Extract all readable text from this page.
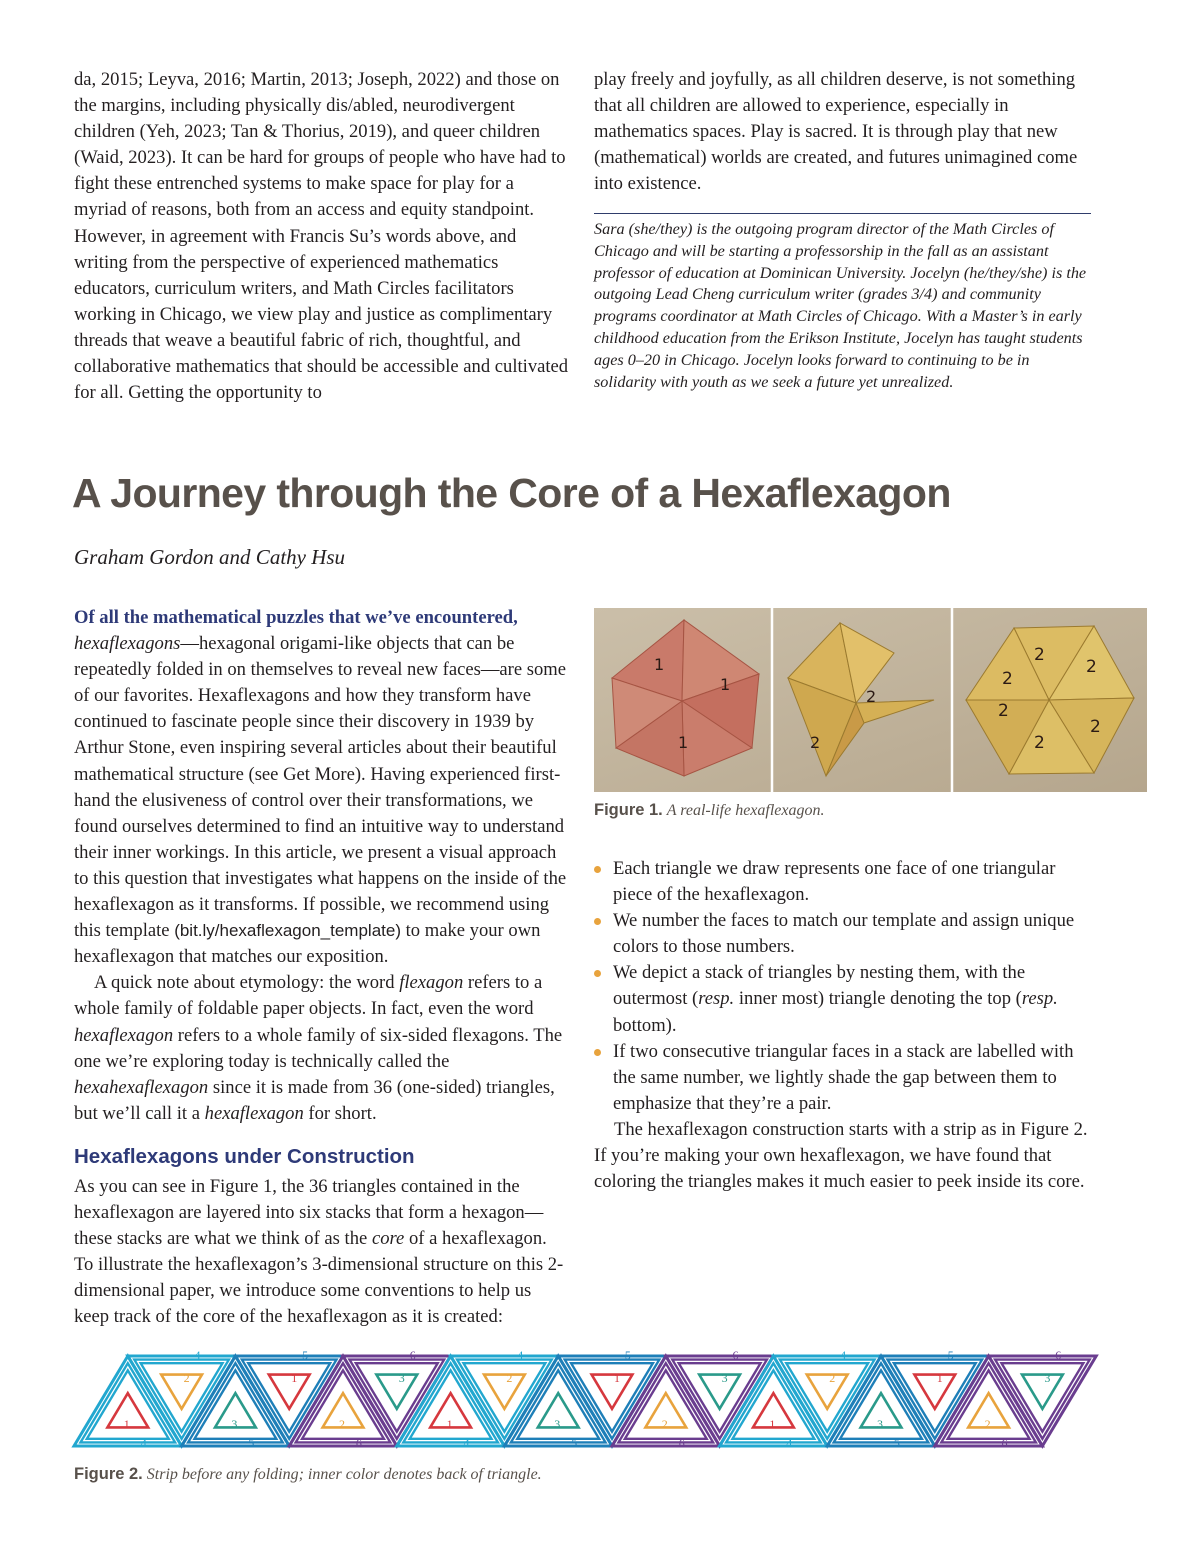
da, 2015; Leyva, 2016; Martin, 2013; Joseph, 2022) and those on the margins, including physically dis/abled, neurodivergent children (Yeh, 2023; Tan & Thorius, 2019), and queer children (Waid, 2023). It can be hard for groups of people who have had to fight these entrenched systems to make space for play for a myriad of reasons, both from an access and equity standpoint. However, in agreement with Francis Su’s words above, and writing from the perspective of experienced mathematics educators, curriculum writers, and Math Circles facilitators working in Chicago, we view play and justice as complimentary threads that weave a beautiful fabric of rich, thoughtful, and collaborative mathematics that should be accessible and cultivated for all. Getting the opportunity to

play freely and joyfully, as all children deserve, is not something that all children are allowed to experience, especially in mathematics spaces. Play is sacred. It is through play that new (mathematical) worlds are created, and futures unimagined come into existence.

Sara (she/they) is the outgoing program director of the Math Circles of Chicago and will be starting a professorship in the fall as an assistant professor of education at Dominican University. Jocelyn (he/they/she) is the outgoing Lead Cheng curriculum writer (grades 3/4) and community programs coordinator at Math Circles of Chicago. With a Master’s in early childhood education from the Erikson Institute, Jocelyn has taught students ages 0–20 in Chicago. Jocelyn looks forward to continuing to be in solidarity with youth as we seek a future yet unrealized.
A Journey through the Core of a Hexaflexagon
Graham Gordon and Cathy Hsu

Of all the mathematical puzzles that we’ve encountered, hexaflexagons—hexagonal origami-like objects that can be repeatedly folded in on themselves to reveal new faces—are some of our favorites. Hexaflexagons and how they transform have continued to fascinate people since their discovery in 1939 by Arthur Stone, even inspiring several articles about their beautiful mathematical structure (see Get More). Having experienced first-hand the elusiveness of control over their transformations, we found ourselves determined to find an intuitive way to understand their inner workings. In this article, we present a visual approach to this question that investigates what happens on the inside of the hexaflexagon as it transforms. If possible, we recommend using this template (bit.ly/hexaflexagon_template) to make your own hexaflexagon that matches our exposition.

A quick note about etymology: the word flexagon refers to a whole family of foldable paper objects. In fact, even the word hexaflexagon refers to a whole family of six-sided flexagons. The one we’re exploring today is technically called the hexahexaflexagon since it is made from 36 (one-sided) triangles, but we’ll call it a hexaflexagon for short.

Hexaflexagons under Construction

As you can see in Figure 1, the 36 triangles contained in the hexaflexagon are layered into six stacks that form a hexagon—these stacks are what we think of as the core of a hexaflexagon. To illustrate the hexaflexagon’s 3-dimensional structure on this 2-dimensional paper, we introduce some conventions to help us keep track of the core of the hexaflexagon as it is created:

1
1
1	2
2
2
2
2
2
2
2
Figure 1. A real-life hexaflexagon.
Each triangle we draw represents one face of one triangular piece of the hexaflexagon.
We number the faces to match our template and assign unique colors to those numbers.
We depict a stack of triangles by nesting them, with the outermost (resp. inner most) triangle denoting the top (resp. bottom).
If two consecutive triangular faces in a stack are labelled with the same number, we lightly shade the gap between them to emphasize that they’re a pair.

The hexaflexagon construction starts with a strip as in Figure 2. If you’re making your own hexaflexagon, we have found that coloring the triangles makes it much easier to peek inside its core.

1
4
2
4
3
5
1
5
2
6
3
6
1
4
2
4
3
5
1
5
2
6
3
6
1
4
2
4
3
5
1
5
2
6
3
6
Figure 2. Strip before any folding; inner color denotes back of triangle.
